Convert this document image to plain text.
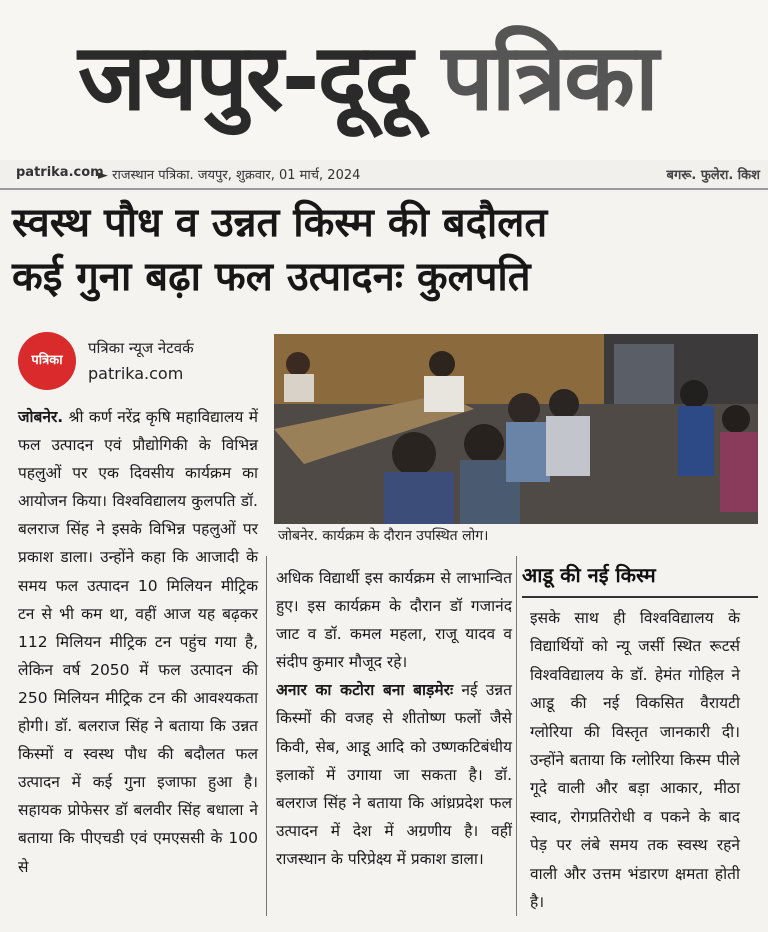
जयपुर-दूदू पत्रिका
patrika.com
► राजस्थान पत्रिका. जयपुर, शुक्रवार, 01 मार्च, 2024	बगरू. फुलेरा. किश
स्वस्थ पौध व उन्नत किस्म की बदौलत
कई गुना बढ़ा फल उत्पादनः कुलपति
पत्रिका
पत्रिका न्यूज नेटवर्क
patrika.com
जोबनेर. कार्यक्रम के दौरान उपस्थित लोग।
जोबनेर. श्री कर्ण नरेंद्र कृषि महाविद्यालय में फल उत्पादन एवं प्रौद्योगिकी के विभिन्न पहलुओं पर एक दिवसीय कार्यक्रम का आयोजन किया। विश्वविद्यालय कुलपति डॉ. बलराज सिंह ने इसके विभिन्न पहलुओं पर प्रकाश डाला। उन्होंने कहा कि आजादी के समय फल उत्पादन 10 मिलियन मीट्रिक टन से भी कम था, वहीं आज यह बढ़कर 112 मिलियन मीट्रिक टन पहुंच गया है, लेकिन वर्ष 2050 में फल उत्पादन की 250 मिलियन मीट्रिक टन की आवश्यकता होगी। डॉ. बलराज सिंह ने बताया कि उन्नत किस्मों व स्वस्थ पौध की बदौलत फल उत्पादन में कई गुना इजाफा हुआ है। सहायक प्रोफेसर डॉ बलवीर सिंह बधाला ने बताया कि पीएचडी एवं एमएससी के 100 से
अधिक विद्यार्थी इस कार्यक्रम से लाभान्वित हुए। इस कार्यक्रम के दौरान डॉ गजानंद जाट व डॉ. कमल महला, राजू यादव व संदीप कुमार मौजूद रहे।
अनार का कटोरा बना बाड़मेरः नई उन्नत किस्मों की वजह से शीतोष्ण फलों जैसे किवी, सेब, आडू आदि को उष्णकटिबंधीय इलाकों में उगाया जा सकता है। डॉ. बलराज सिंह ने बताया कि आंध्रप्रदेश फल उत्पादन में देश में अग्रणीय है। वहीं राजस्थान के परिप्रेक्ष्य में प्रकाश डाला।
आडू की नई किस्म
इसके साथ ही विश्वविद्यालय के विद्यार्थियों को न्यू जर्सी स्थित रूटर्स विश्वविद्यालय के डॉ. हेमंत गोहिल ने आडू की नई विकसित वैरायटी ग्लोरिया की विस्तृत जानकारी दी। उन्होंने बताया कि ग्लोरिया किस्म पीले गूदे वाली और बड़ा आकार, मीठा स्वाद, रोगप्रतिरोधी व पकने के बाद पेड़ पर लंबे समय तक स्वस्थ रहने वाली और उत्तम भंडारण क्षमता होती है।
